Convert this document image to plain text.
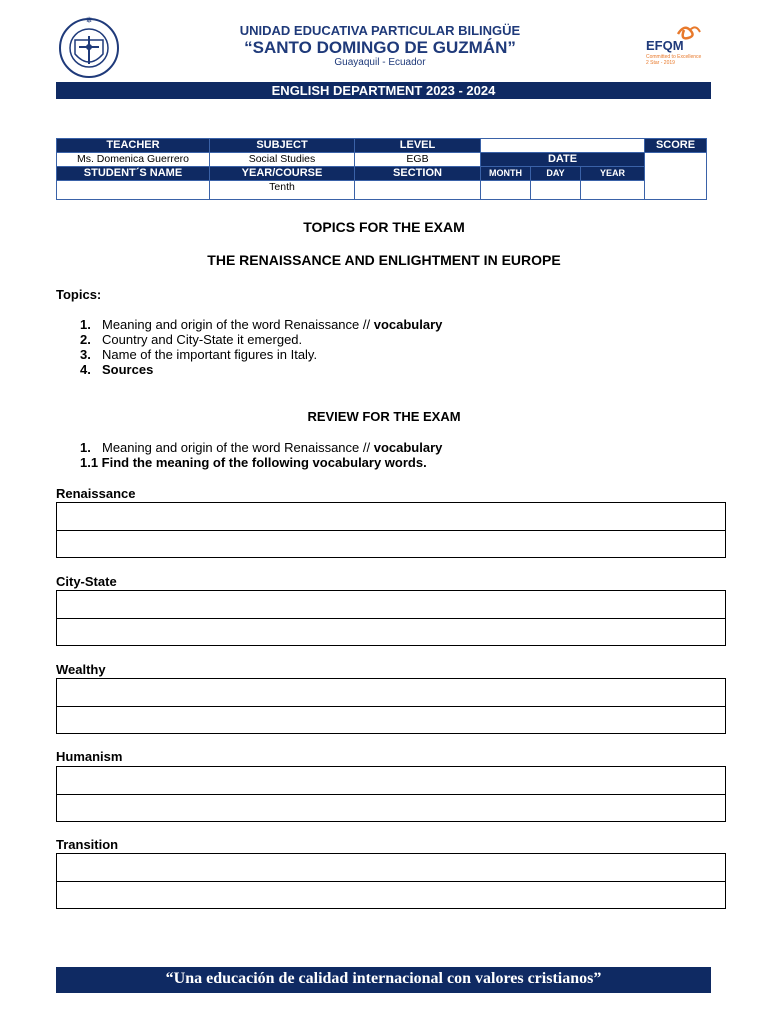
✵
UNIDAD EDUCATIVA PARTICULAR BILINGÜE
“SANTO DOMINGO DE GUZMÁN”
Guayaquil - Ecuador
EFQM
Committed to Excellence
2 Star - 2019
ENGLISH DEPARTMENT 2023 - 2024
TEACHER	SUBJECT	LEVEL				SCORE
Ms. Domenica Guerrero	Social Studies	EGB	DATE			
STUDENT´S NAME	YEAR/COURSE	SECTION	MONTH	DAY	YEAR	
	Tenth					
TOPICS FOR THE EXAM
THE RENAISSANCE AND ENLIGHTMENT IN EUROPE
Topics:
1. Meaning and origin of the word Renaissance // vocabulary
2. Country and City-State it emerged.
3. Name of the important figures in Italy.
4. Sources
REVIEW FOR THE EXAM
1. Meaning and origin of the word Renaissance // vocabulary
1.1 Find the meaning of the following vocabulary words.
Renaissance
City-State
Wealthy
Humanism
Transition
“Una educación de calidad internacional con valores cristianos”
